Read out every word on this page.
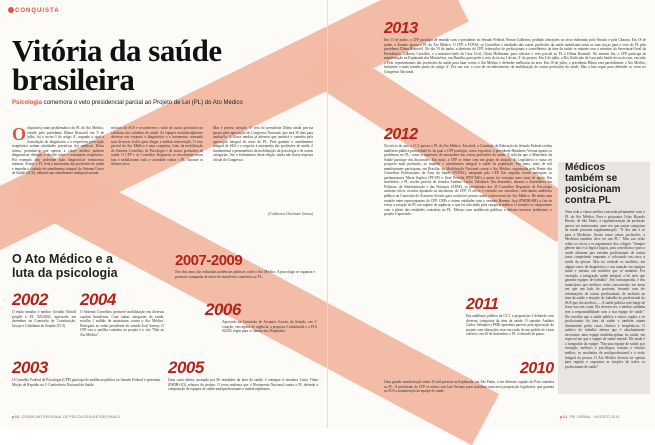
CONQUISTA
Vitória da saúde brasileira
Psicologia comemora o veto presidencial parcial ao Projeto de Lei (PL) do Ato Médico
Odispositivo mais problemático do PL do Ato Médico, vetado pela presidenta Dilma Rousseff em 9 de julho, foi o inciso I do artigo 4º, segundo o qual a formulação do diagnóstico e a respectiva prescrição terapêutica seriam atividades privativas dos médicos. Desta forma, permitia-se que apenas a classe médica pudesse diagnosticar doenças e decidir sobre o tratamento terapêutico. Por exemplo, não poderiam mais diagnosticar transtornos mentais. Assim, o PL feria a autonomia das profissões de saúde e impedia o cuidado de atendimento integral do Sistema Único de Saúde (SUS), inibindo um atendimento multiprofissional.
neficios do SUS e reconhecem o valor de outras profissões no cotidiano dos cuidados de saúde. As equipes multidisciplinares deferem um conjunto o diagnóstico e o tratamento, somando suas diversas visões para chegar a melhor intervenção. O veto parcial do Ato Médico é uma conquista, fruto da mobilização do Sistema Conselhos de Psicologia e de outras profissões de saúde. O CFP e os Conselhos Regionais se envolveram nessa luta e mobilizaram toda a sociedade contra o PL, durante os últimos anos.
Mas é preciso atenção. O veto do presidente Dilma ainda precisa passar pela apreciação do Congresso Nacional, que terá 30 dias para analisá-lo. A classe médica já afirmou que insistirá e caminha pela aprovação integral do texto do PL. Para garantir o atendimento integral de SUS e o respeito à autonomia das profissões de saúde, é fundamental a permanência da mobilização da psicologia e de outras categorias. Ato o fechamento desta edição, ainda não havia resposta oficial do Congresso.
(Colaborou Christiane Gomes)
O Ato Médico e a
luta da psicologia
2002
O então senador e médico Geraldo Althoff propõe o PL 025/2002, apreciado em dezembro na Comissão de Constituição, Justiça e Cidadania do Senado (CCJ).
2003
O Conselho Federal de Psicologia (CFP) participa de audiência pública no Senado Federal e apresenta Moção de Repúdio na 1ª Conferência Nacional de Saúde.
2004
O Sistema Conselhos promove mobilização em diversas capitais brasileiras. Com outras categorias da saúde, recolhe 1 milhão de assinaturas contra o Ato Médico. Entregues ao então presidente do senado José Sarney. O CFP cria a cartilha contrária ao projeto e o site "Não ao Ato Médico".
2007-2009
Nos dois anos são realizadas audiências públicas sobre o Ato Médico. A psicologia se organiza e promove campanha de envio de manifestos contrários ao PL.
2006
Aprovado na Comissão de Assuntos Sociais do Senado, em 1º votação, em regime de urgência, a proposta é substituída e o PLS 025/02 segue para a Câmara dos Deputados.
2005
Uma carta aberta, assinada por 86 entidades da área da saúde, é entregue à senadora Lúcia Vânia (PSDB-GO), relatora do projeto. O texto reafirma que o Movimento Nacional contra o PL defende a composição de equipes de saúde multiprofissionais e interdisciplinares.
p10 CONSELHO REGIONAL DE PSICOLOGIA DE SÃO PAULO
2013
Em 13 de junho, o CFP participa de reunião com o presidente do Senado Federal, Renan Calheiros, pedindo alterações no texto elaborado pelo Senado e pela Câmara. Em 18 de junho, o Senado aprova o PL do Ato Médico. O CFP, a FCPAS, os Conselhos e entidades das outras profissões da saúde mobilizam todas as suas forças para o veto do PL pela presidenta Dilma Rousseff. No dia 19 de junho, a diretoria do CFP, federações de profissionais e conselheiros da área da saúde se reúnem com o ministro da Secretaria-Geral da Presidência, Gilberto Carvalho, e a ministra-chefe da Casa Civil, Gleisi Hoffmann, para solicitar o veto parcial ao PL à Dilma Rousseff. No mesmo dia, o CFP participa de manifestação na Esplanada dos Ministérios, em Brasília, para pedir o veto do inciso I do art. 4º do projeto. Em 4 de julho, a Dia Unificado de Luta pela Saúde levou às ruas, em todo o País, representantes das profissões da saúde para lutar contra o Ato Médico e defender melhorias na área. Em 10 de julho, a presidenta Dilma veta parcialmente o Ato Médico, incluindo o mais temido ponto do artigo 4º. Por sua vez, o voto de reconhecimento da mobilização de outras profissões da saúde. Mas a luta segue para defender os vetos no Congresso Nacional.
2012
No início do ano, a CCJ aprova o PL do Ato Médico. Em abril, a Comissão de Educação do Senado Federal realiza audiência pública para debatê-la, da qual o CFP participa, como expositor, o presidente Humberto Verona aponta os problemas no PL, como a supressão da autonomia das outras profissões da saúde. E solicita que o Ministério da Saúde participe das discussões. Em maio, a CFP se reúne com um grupo de atuação do Legislativo a causa ser proposto mais profundo, ao impedir o atendimento integral à saúde da população. Em maio, mais de mil manifestantes participam, em Brasília, da Mobilização Nacional contra o Ato Médico, organizada pela Frente dos Conselhos Profissionais da Área da Saúde (FCPAS), integrada pelo CFP. Em seguida, foram entregues os parlamentares Marta Suplicy (PT-SP) e Zezé Perrella (PDT-MG) a quem foi entregue uma carta de apelo. Em novembro, o PL recebe parecer do senador Antônio Carlos Valadares. Em dezembro, durante a Assembleia das Políticas, da Administração e das Finanças (APAF), os presidentes dos 20 Conselhos Regionais de Psicologia assinam ofício circular apoiando as iniciativas do CFP. O ofício é enviado aos senadores, solicitando audiência pública na Comissão de Assuntos Sociais para esclarecer pontos ainda controversos do Ato Médico. Há ainda uma reunião entre representantes do CFP, CRPs e outras entidades com o senador Romero Jucá (PMDB-RR), a fim de evitar a votação do PL em regime de urgência, o que foi solicitado pela categoria médica. O senador se compromete com o pleito das entidades contrárias ao PL. Mesmo com audiências públicas e debates intensos problemas, o projeto é aprovado.
2011
Em audiência pública na CCJ, a proposição é debatida com diversas categorias da área da saúde. O senador Antônio Carlos Valadares (PSB) apresenta parecer pela aprovação do projeto com alterações, mas em razão de um pedido de vistas coletivo, em 20 de dezembro, o PL é retirado de pauta.
2010
Uma grande manifestação reúne 10 mil pessoas na Esplanada, em São Paulo, e em diversas capitais do País contrária ao PL. O presidente do CFP se reúne com José Serrano para viabilizar uma nova proposição legislativa, que garanta ao SUS a manutenção da equipe de saúde.
Médicos
também se
posicionam
contra PL
Nem toda a classe médica concorda plenamente com o PL do Ato Médico. Para o psiquiatra Celso Ricardo Bueno, de São Paulo, a regulamentação da profissão parece ser interessante, uma vez que outras categorias da saúde possuem regulamentação. "O Ato não é só para a Medicina. Assim como outras profissões, a Medicina também deve ter um PL." Mas sua visão relata os riscos e os argumentos dos colegas: "Sempre gênese não é só legal a lógica, pois a medicina e para a saúde afirmam que existem profissionais de outras áreas competindo enquanto e colocando em risco a saúde da pessoa. Mas na verdade os modelos, em alguns casos de diagnóstico e sua atuação em equipes multi e mesmo em modelos que se mantém. Por exemplo, a integração saúde integral, a lei teria que garantir equipes de trabalho". Em contrapartida, é dos municípios que médicos estão concorrendo em áreas em que um lado do paciente, levando com ele informações de outras profissionais, de inclusão na área da saúde e atuação do trabalho do profissional do SUS que são médicos — A saúde pública está longe de levar isso em conta. Ela deveria ser, o médico também tem a responsabilidade com a sua equipe de saúde." Ele acredita que a saúde pública e outros órgãos e os profissionais da área da saúde e também atuam diretamente pelos casos clínicos e terapêuticos. O médico do trabalho afirma que é absolutamente necessário uma equipe multidisciplinar na saúde, em especial em que a equipe de saúde mental. Ele ainda é o integrador da equipe. "Em uma equipe de saúde, por exemplo, médicos e psicólogos, tornam o vínculo melhor, os resultados de multiprofissional e a visão integral da pessoa. O Ato Médico deveria ser apenas para regular e organizar as funções de todos os profissionais de saúde".
p11 PSI JORNAL · AGOSTO 2013
